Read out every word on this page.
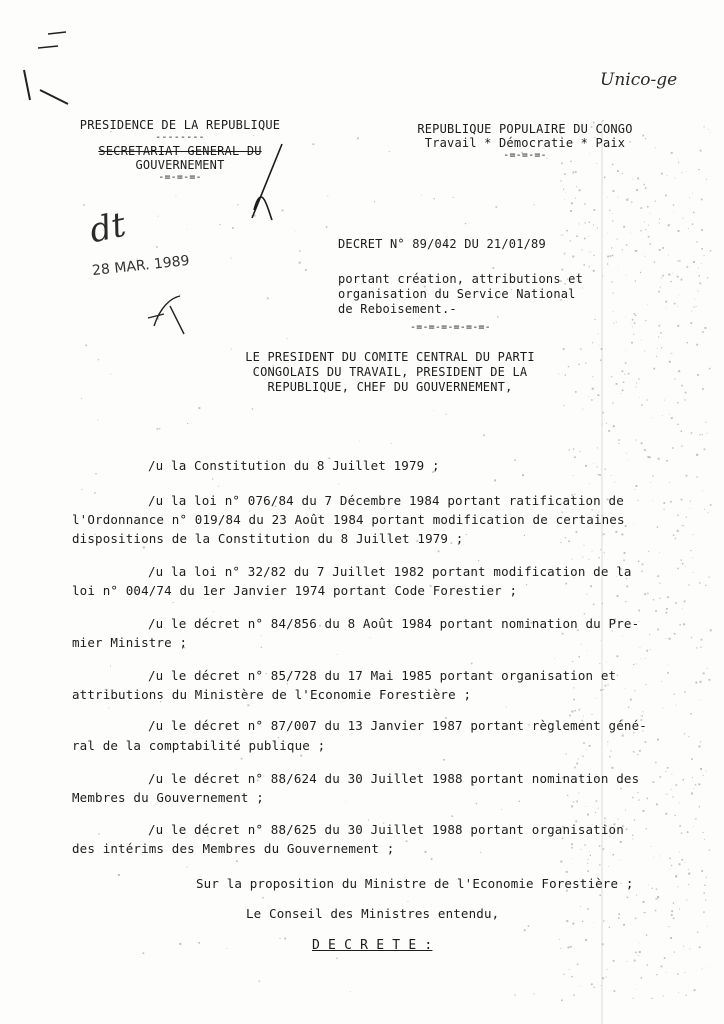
Unico-ge
PRESIDENCE DE LA REPUBLIQUE
--------
SECRETARIAT GENERAL DU
GOUVERNEMENT
-=-=-=-
REPUBLIQUE POPULAIRE DU CONGO
Travail * Démocratie * Paix
-=-=-=-
dt
28 MAR. 1989
DECRET N° 89/042 DU 21/01/89
portant création, attributions et
organisation du Service National
de Reboisement.-
-=-=-=-=-=-=-
LE PRESIDENT DU COMITE CENTRAL DU PARTI
CONGOLAIS DU TRAVAIL, PRESIDENT DE LA
REPUBLIQUE, CHEF DU GOUVERNEMENT,
/u la Constitution du 8 Juillet 1979 ;
/u la loi n° 076/84 du 7 Décembre 1984 portant ratification de
l'Ordonnance n° 019/84 du 23 Août 1984 portant modification de certaines
dispositions de la Constitution du 8 Juillet 1979 ;
/u la loi n° 32/82 du 7 Juillet 1982 portant modification de la
loi n° 004/74 du 1er Janvier 1974 portant Code Forestier ;
/u le décret n° 84/856 du 8 Août 1984 portant nomination du Pre-
mier Ministre ;
/u le décret n° 85/728 du 17 Mai 1985 portant organisation et
attributions du Ministère de l'Economie Forestière ;
/u le décret n° 87/007 du 13 Janvier 1987 portant règlement géné-
ral de la comptabilité publique ;
/u le décret n° 88/624 du 30 Juillet 1988 portant nomination des
Membres du Gouvernement ;
/u le décret n° 88/625 du 30 Juillet 1988 portant organisation
des intérims des Membres du Gouvernement ;
Sur la proposition du Ministre de l'Economie Forestière ;
Le Conseil des Ministres entendu,
D E C R E T E :
